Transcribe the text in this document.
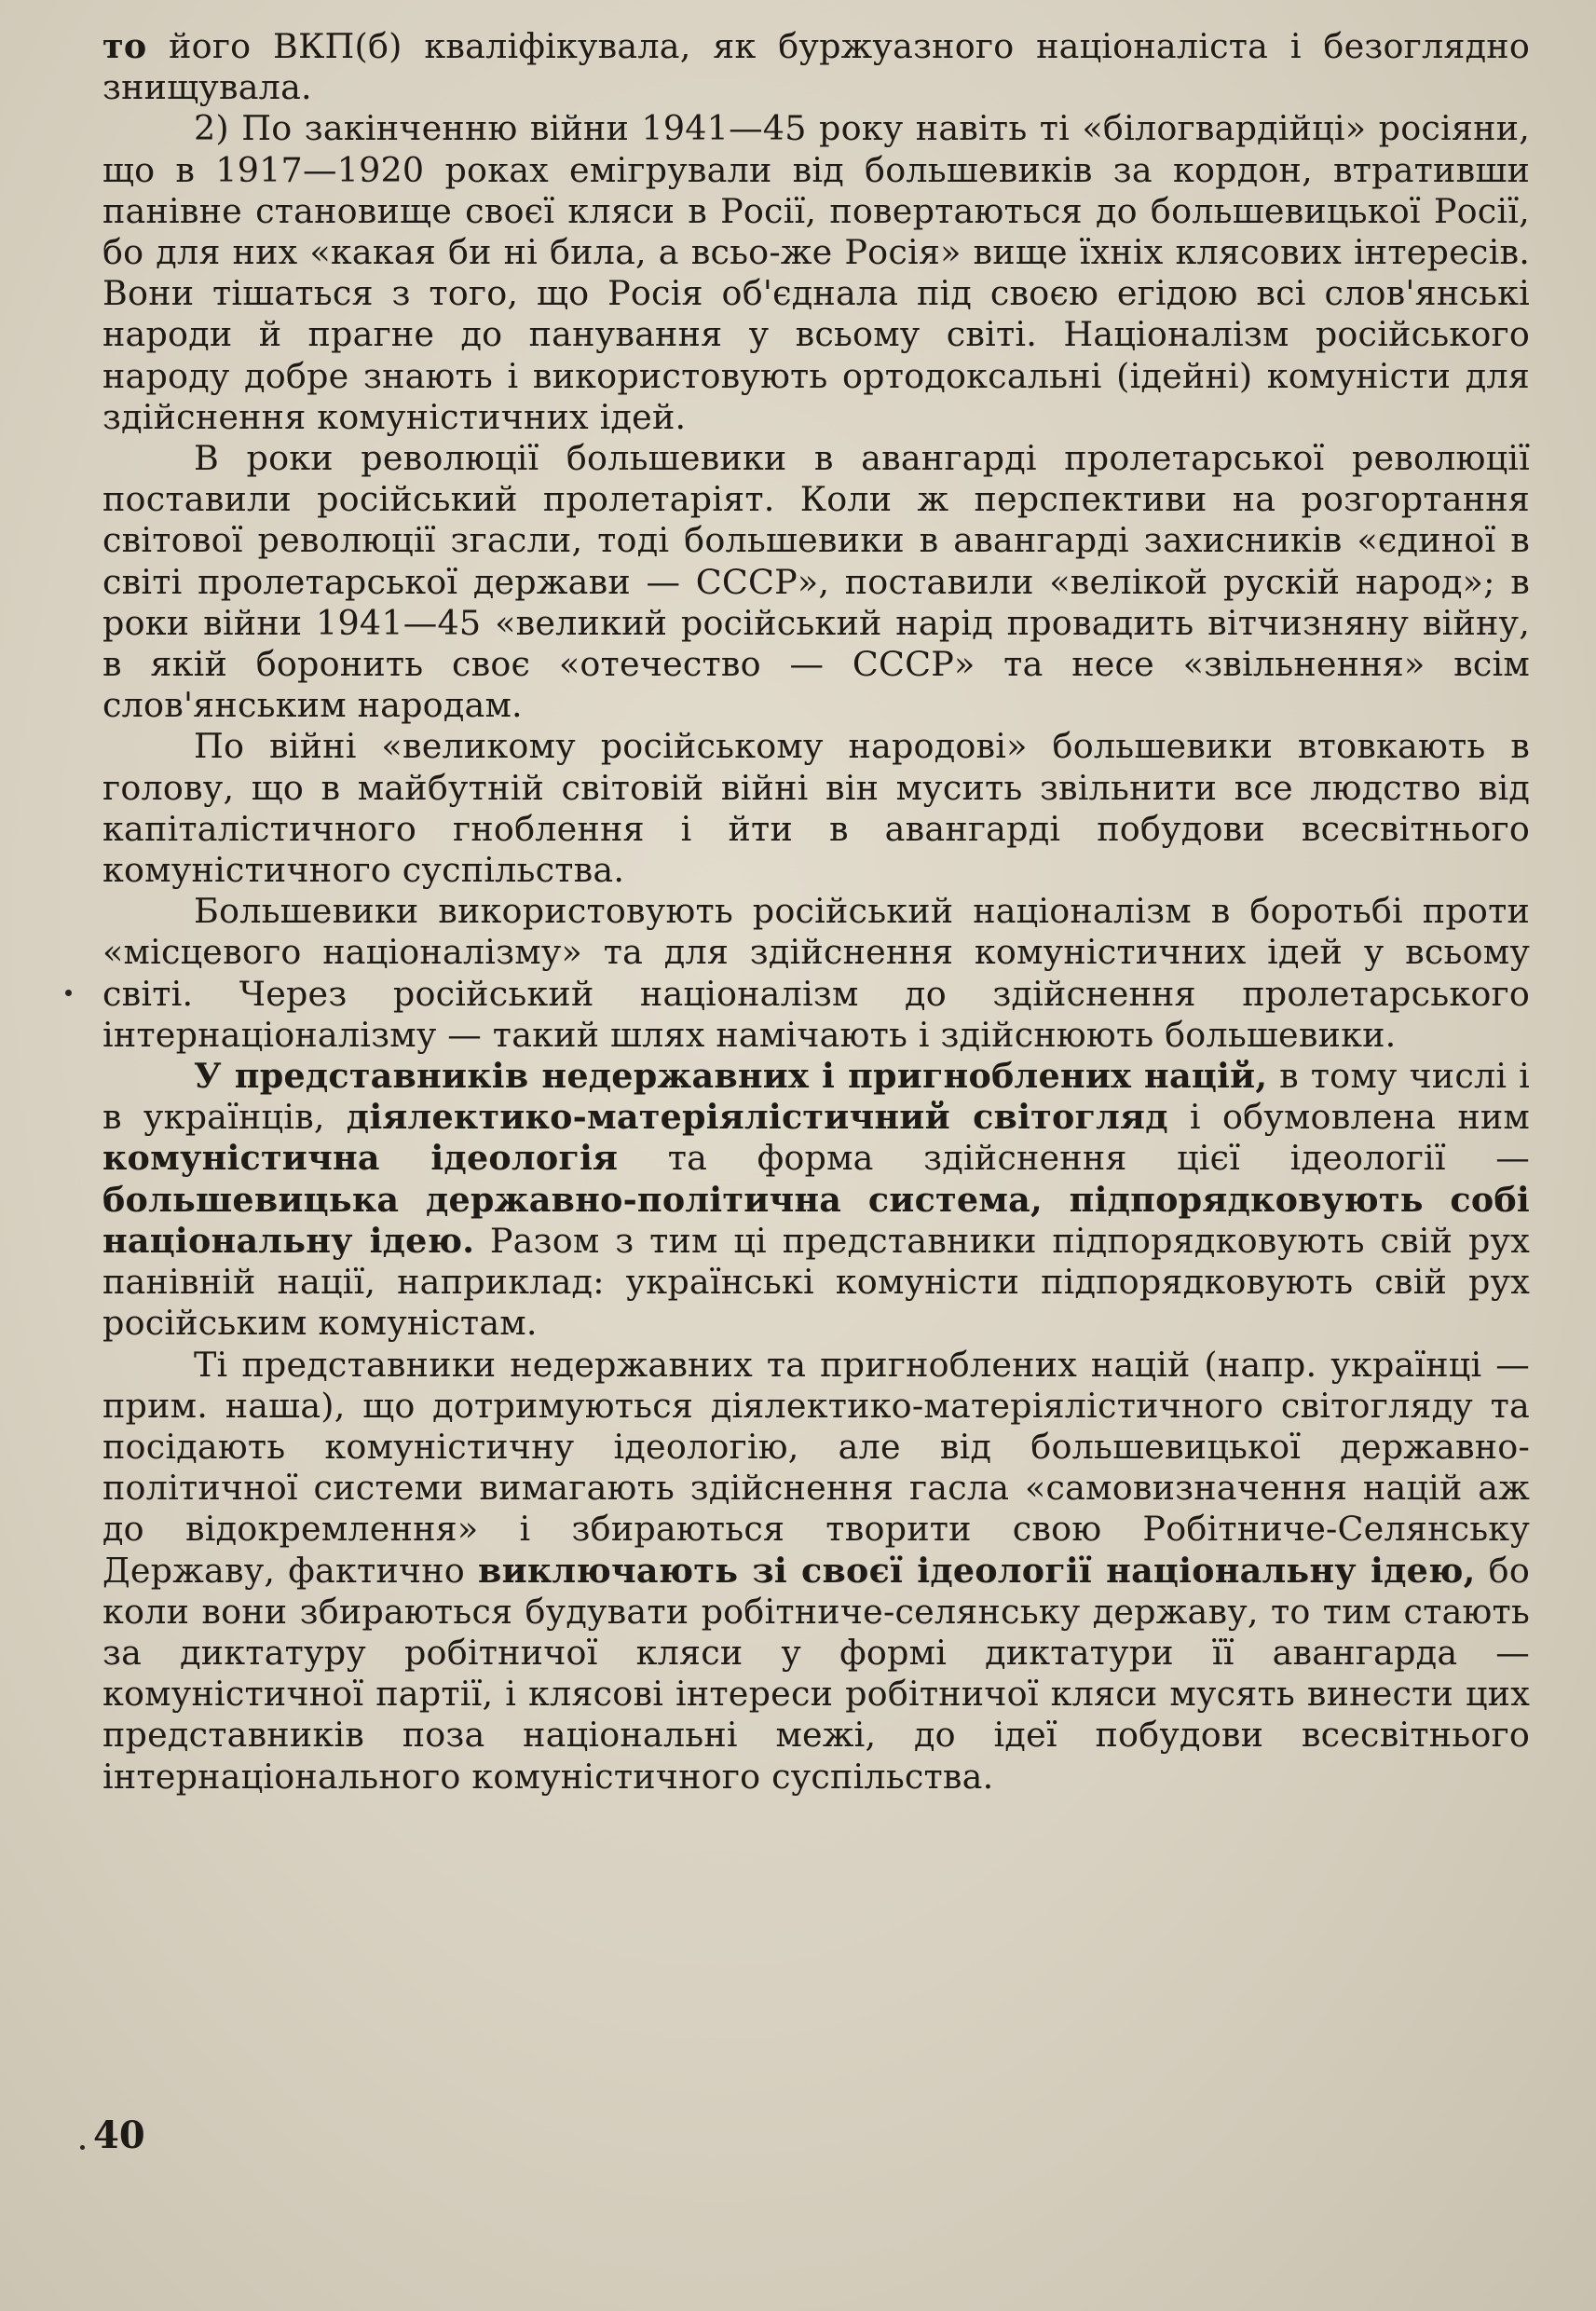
то його ВКП(б) кваліфікувала, як буржуазного націоналіста і безоглядно знищувала.

2) По закінченню війни 1941—45 року навіть ті «білогвардійці» росіяни, що в 1917—1920 роках емігрували від большевиків за кордон, втративши панівне становище своєї кляси в Росії, повертаються до большевицької Росії, бо для них «какая би ні била, а всьо-же Росія» вище їхніх клясових інтересів. Вони тішаться з того, що Росія об'єднала під своєю егідою всі слов'янські народи й прагне до панування у всьому світі. Націоналізм російського народу добре знають і використовують ортодоксальні (ідейні) комуністи для здійснення комуністичних ідей.

В роки революції большевики в авангарді пролетарської революції поставили російський пролетаріят. Коли ж перспективи на розгортання світової революції згасли, тоді большевики в авангарді захисників «єдиної в світі пролетарської держави — СССР», поставили «велікой рускій народ»; в роки війни 1941—45 «великий російський нарід провадить вітчизняну війну, в якій боронить своє «отечество — СССР» та несе «звільнення» всім слов'янським народам.

По війні «великому російському народові» большевики втовкають в голову, що в майбутній світовій війні він мусить звільнити все людство від капіталістичного гноблення і йти в авангарді побудови всесвітнього комуністичного суспільства.

Большевики використовують російський націоналізм в боротьбі проти «місцевого націоналізму» та для здійснення комуністичних ідей у всьому світі. Через російський націоналізм до здійснення пролетарського інтернаціоналізму — такий шлях намічають і здійснюють большевики.

У представників недержавних і пригноблених націй, в тому числі і в українців, діялектико-матеріялістичний світогляд і обумовлена ним комуністична ідеологія та форма здійснення цієї ідеології — большевицька державно-політична система, підпорядковують собі національну ідею. Разом з тим ці представники підпорядковують свій рух панівній нації, наприклад: українські комуністи підпорядковують свій рух російським комуністам.

Ті представники недержавних та пригноблених націй (напр. українці — прим. наша), що дотримуються діялектико-матеріялістичного світогляду та посідають комуністичну ідеологію, але від большевицької державно-політичної системи вимагають здійснення гасла «самовизначення націй аж до відокремлення» і збираються творити свою Робітниче-Селянську Державу, фактично виключають зі своєї ідеології національну ідею, бо коли вони збираються будувати робітниче-селянську державу, то тим стають за диктатуру робітничої кляси у формі диктатури її авангарда — комуністичної партії, і клясові інтереси робітничої кляси мусять винести цих представників поза національні межі, до ідеї побудови всесвітнього інтернаціонального комуністичного суспільства.

40
